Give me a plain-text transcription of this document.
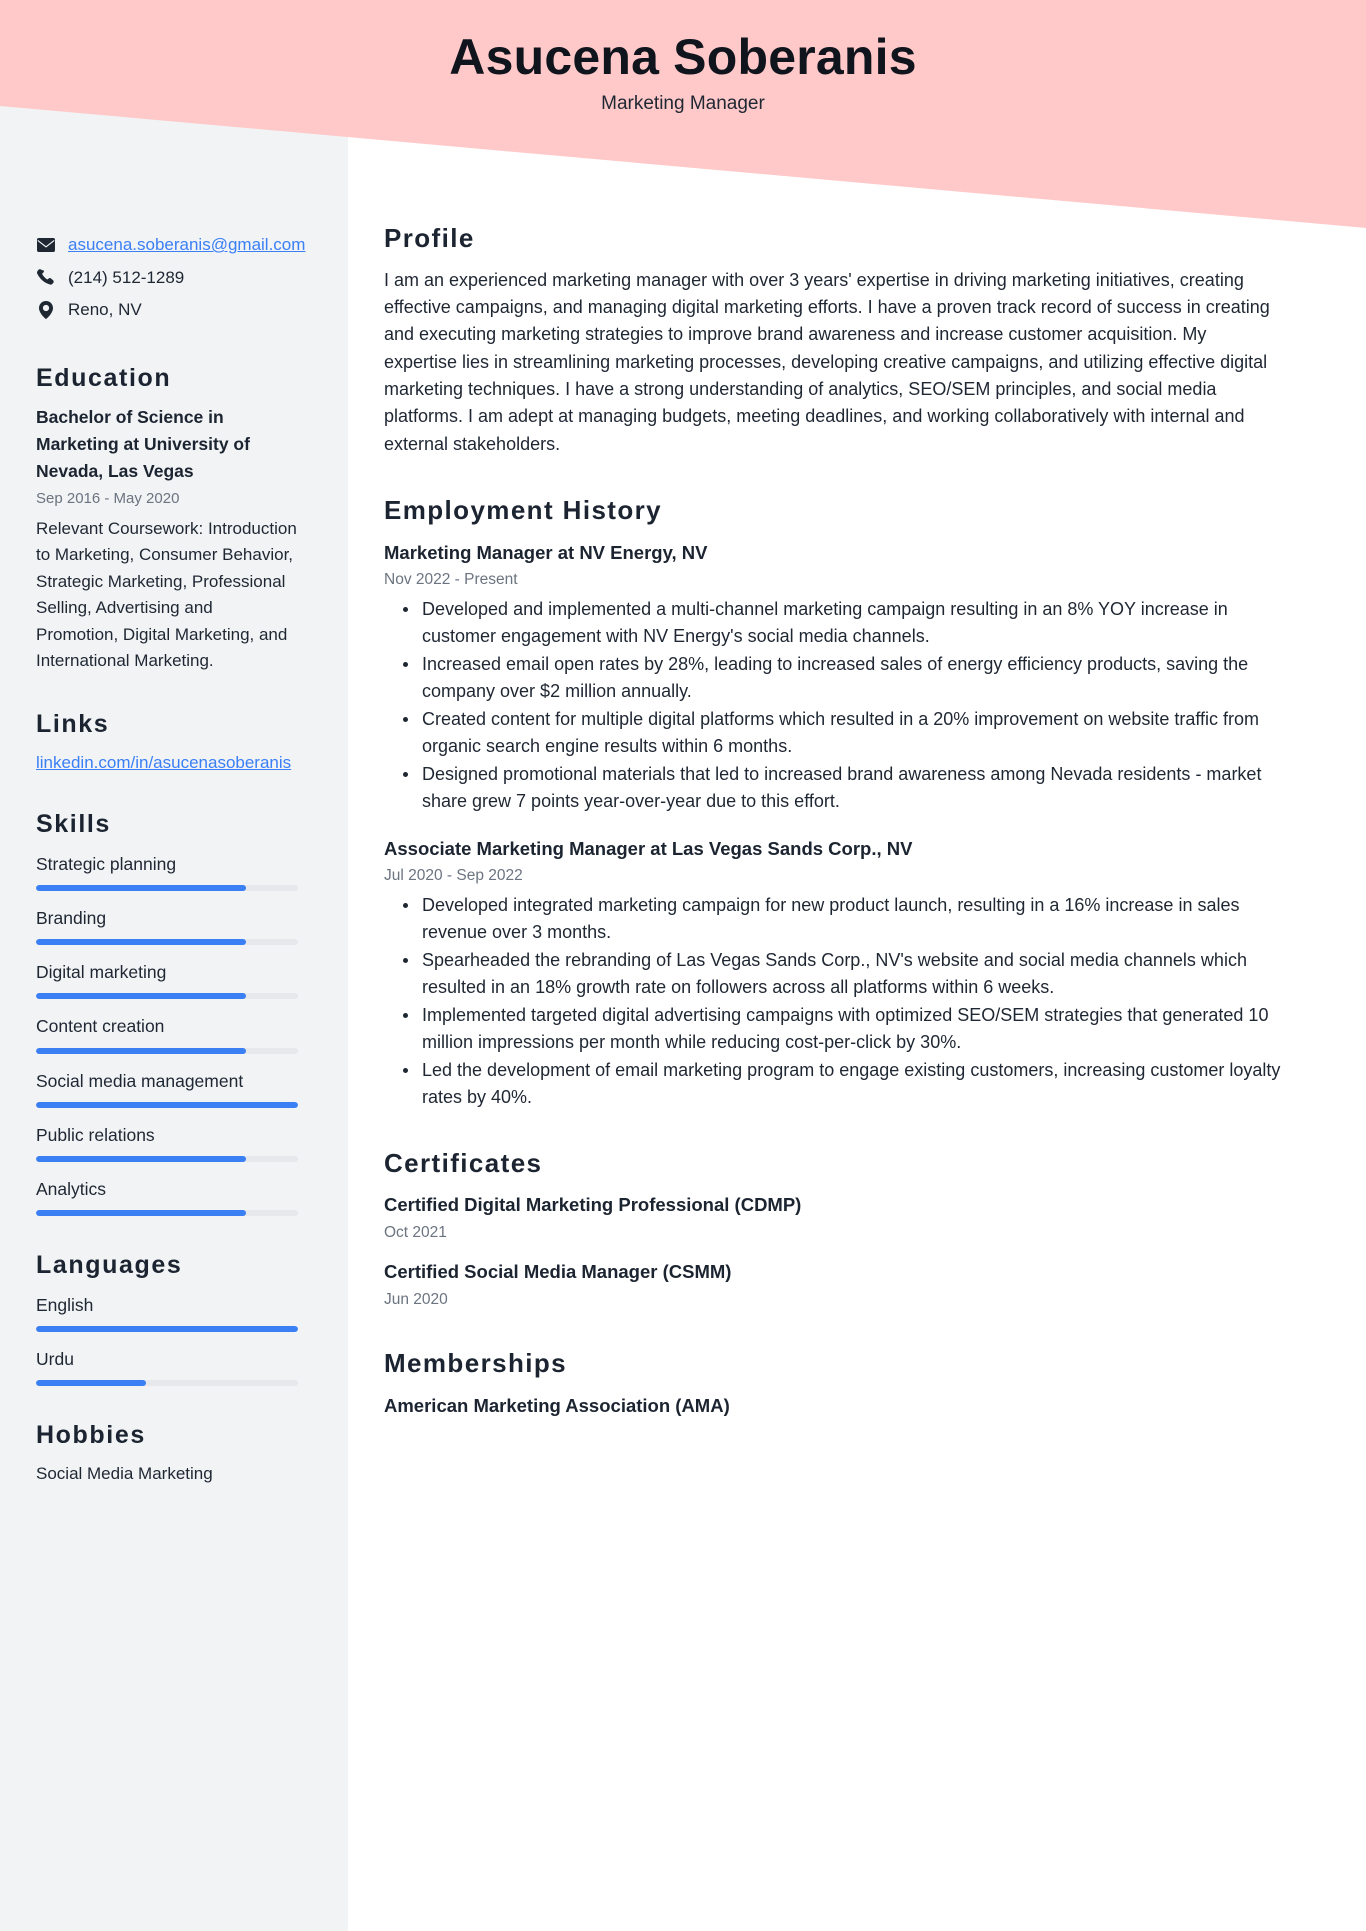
Asucena Soberanis
Marketing Manager
asucena.soberanis@gmail.com
(214) 512-1289
Reno, NV
Education
Bachelor of Science in Marketing at University of Nevada, Las Vegas
Sep 2016 - May 2020
Relevant Coursework: Introduction to Marketing, Consumer Behavior, Strategic Marketing, Professional Selling, Advertising and Promotion, Digital Marketing, and International Marketing.
Links
linkedin.com/in/asucenasoberanis
Skills
Strategic planning
Branding
Digital marketing
Content creation
Social media management
Public relations
Analytics
Languages
English
Urdu
Hobbies
Social Media Marketing
Profile
I am an experienced marketing manager with over 3 years' expertise in driving marketing initiatives, creating effective campaigns, and managing digital marketing efforts. I have a proven track record of success in creating and executing marketing strategies to improve brand awareness and increase customer acquisition. My expertise lies in streamlining marketing processes, developing creative campaigns, and utilizing effective digital marketing techniques. I have a strong understanding of analytics, SEO/SEM principles, and social media platforms. I am adept at managing budgets, meeting deadlines, and working collaboratively with internal and external stakeholders.
Employment History
Marketing Manager at NV Energy, NV
Nov 2022 - Present
Developed and implemented a multi-channel marketing campaign resulting in an 8% YOY increase in customer engagement with NV Energy's social media channels.
Increased email open rates by 28%, leading to increased sales of energy efficiency products, saving the company over $2 million annually.
Created content for multiple digital platforms which resulted in a 20% improvement on website traffic from organic search engine results within 6 months.
Designed promotional materials that led to increased brand awareness among Nevada residents - market share grew 7 points year-over-year due to this effort.
Associate Marketing Manager at Las Vegas Sands Corp., NV
Jul 2020 - Sep 2022
Developed integrated marketing campaign for new product launch, resulting in a 16% increase in sales revenue over 3 months.
Spearheaded the rebranding of Las Vegas Sands Corp., NV's website and social media channels which resulted in an 18% growth rate on followers across all platforms within 6 weeks.
Implemented targeted digital advertising campaigns with optimized SEO/SEM strategies that generated 10 million impressions per month while reducing cost-per-click by 30%.
Led the development of email marketing program to engage existing customers, increasing customer loyalty rates by 40%.
Certificates
Certified Digital Marketing Professional (CDMP)
Oct 2021
Certified Social Media Manager (CSMM)
Jun 2020
Memberships
American Marketing Association (AMA)
